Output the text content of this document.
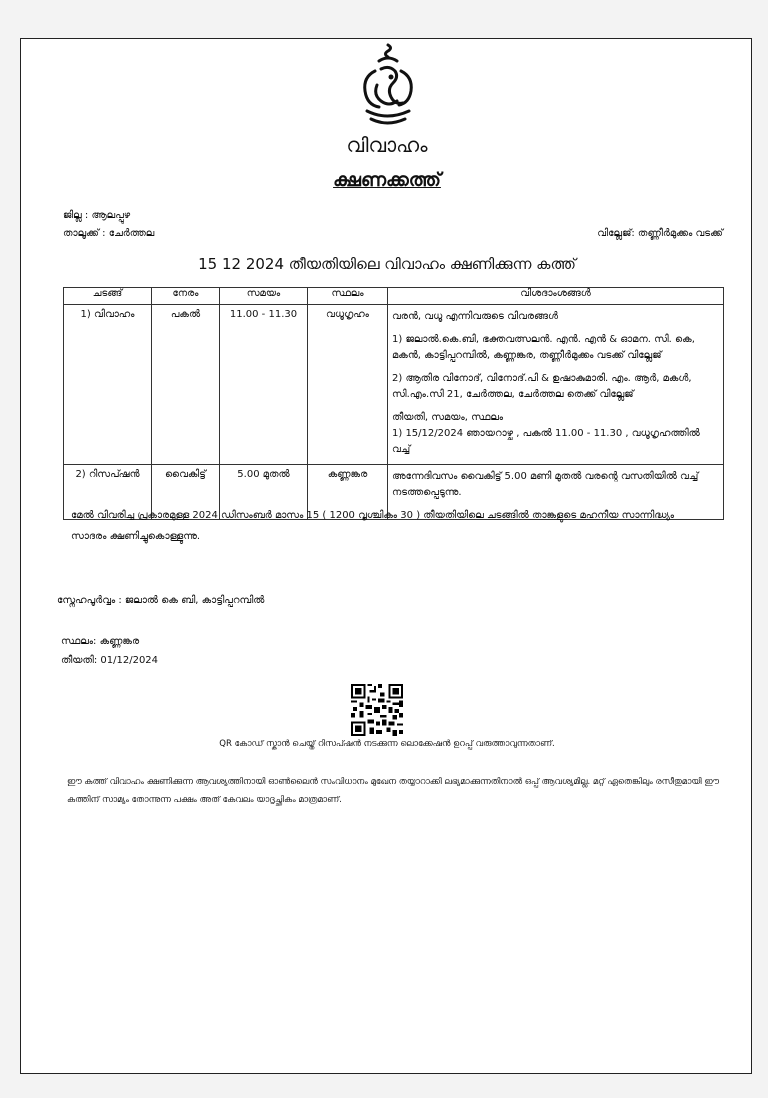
വിവാഹം
ക്ഷണക്കത്ത്
ജില്ല : ആലപ്പുഴ
താലൂക്ക് : ചേർത്തല	വില്ലേജ്: തണ്ണീർമുക്കം വടക്ക്
15 12 2024 തീയതിയിലെ വിവാഹം ക്ഷണിക്കുന്ന കത്ത്
ചടങ്ങ്	നേരം	സമയം	സ്ഥലം	വിശദാംശങ്ങൾ
1) വിവാഹം	പകൽ	11.00 - 11.30	വധൂഗൃഹം	വരൻ, വധൂ എന്നിവരുടെ വിവരങ്ങൾ

1) ജലാൽ.കെ.ബി, ഭക്തവത്സലൻ. എൻ. എൻ & ഓമന. സി. കെ, മകൻ, കാട്ടിപ്പറമ്പിൽ, കണ്ണങ്കര, തണ്ണീർമുക്കം വടക്ക് വില്ലേജ്

2) ആതിര വിനോദ്, വിനോദ്.പി & ഉഷാകുമാരി. എം. ആർ, മകൾ, സി.എം.സി 21, ചേർത്തല, ചേർത്തല തെക്ക് വില്ലേജ്

തീയതി, സമയം, സ്ഥലം

1) 15/12/2024 ഞായറാഴ്ച , പകൽ 11.00 - 11.30 , വധൂഗൃഹത്തിൽ വച്ച്

2) റിസപ്ഷൻ	വൈകിട്ട്	5.00 മുതൽ	കണ്ണങ്കര	അന്നേദിവസം വൈകിട്ട് 5.00 മണി മുതൽ വരന്റെ വസതിയിൽ വച്ച് നടത്തപ്പെടുന്നു.

മേൽ വിവരിച്ച പ്രകാരമുള്ള 2024 ഡിസംബർ മാസം 15 ( 1200 വൃശ്ചികം 30 ) തീയതിയിലെ ചടങ്ങിൽ താങ്കളുടെ മഹനീയ സാന്നിദ്ധ്യം സാദരം ക്ഷണിച്ചുകൊള്ളുന്നു.
സ്നേഹപൂർവ്വം : ജലാൽ കെ ബി, കാട്ടിപ്പറമ്പിൽ
സ്ഥലം: കണ്ണങ്കര
തീയതി: 01/12/2024
QR കോഡ് സ്കാൻ ചെയ്ത് റിസപ്ഷൻ നടക്കുന്ന ലൊക്കേഷൻ ഉറപ്പ് വരുത്താവുന്നതാണ്.
ഈ കത്ത് വിവാഹം ക്ഷണിക്കുന്ന ആവശ്യത്തിനായി ഓൺലൈൻ സംവിധാനം മുഖേന തയ്യാറാക്കി ലഭ്യമാക്കുന്നതിനാൽ ഒപ്പ് ആവശ്യമില്ല. മറ്റ് ഏതെങ്കിലും രസീതുമായി ഈ കത്തിന് സാമ്യം തോന്നുന്ന പക്ഷം അത് കേവലം യാദൃച്ഛികം മാത്രമാണ്.
